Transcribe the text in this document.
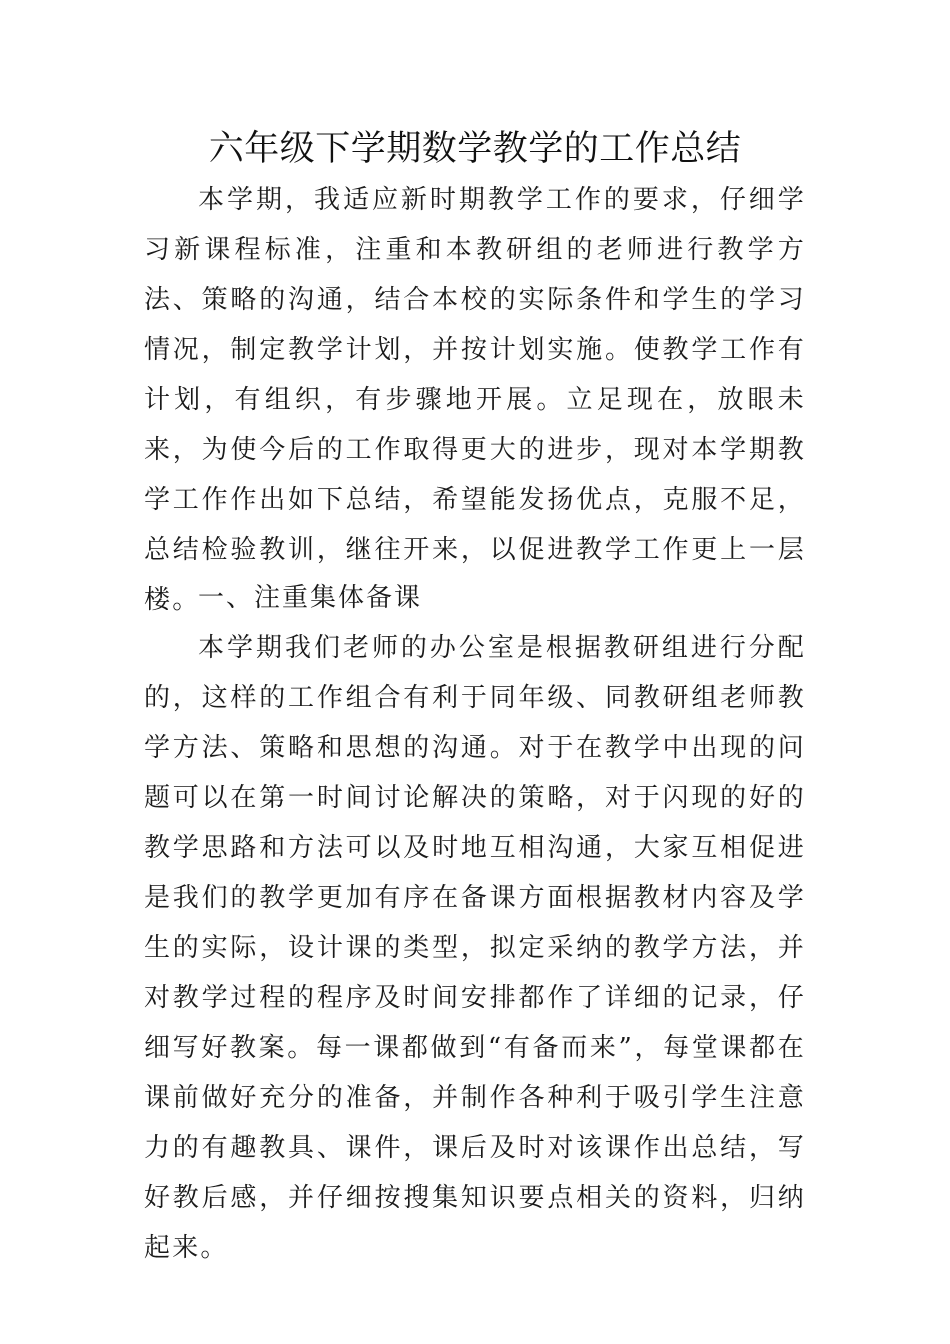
六年级下学期数学教学的工作总结

本学期，我适应新时期教学工作的要求，仔细学习新课程标准，注重和本教研组的老师进行教学方法、策略的沟通，结合本校的实际条件和学生的学习情况，制定教学计划，并按计划实施。使教学工作有计划，有组织，有步骤地开展。立足现在，放眼未来，为使今后的工作取得更大的进步，现对本学期教学工作作出如下总结，希望能发扬优点，克服不足，总结检验教训，继往开来，以促进教学工作更上一层楼。

一、注重集体备课

本学期我们老师的办公室是根据教研组进行分配的，这样的工作组合有利于同年级、同教研组老师教学方法、策略和思想的沟通。对于在教学中出现的问题可以在第一时间讨论解决的策略，对于闪现的好的教学思路和方法可以及时地互相沟通，大家互相促进是我们的教学更加有序在备课方面根据教材内容及学生的实际，设计课的类型，拟定采纳的教学方法，并对教学过程的程序及时间安排都作了详细的记录，仔细写好教案。每一课都做到“有备而来”，每堂课都在课前做好充分的准备，并制作各种利于吸引学生注意力的有趣教具、课件，课后及时对该课作出总结，写好教后感，并仔细按搜集知识要点相关的资料，归纳起来。
